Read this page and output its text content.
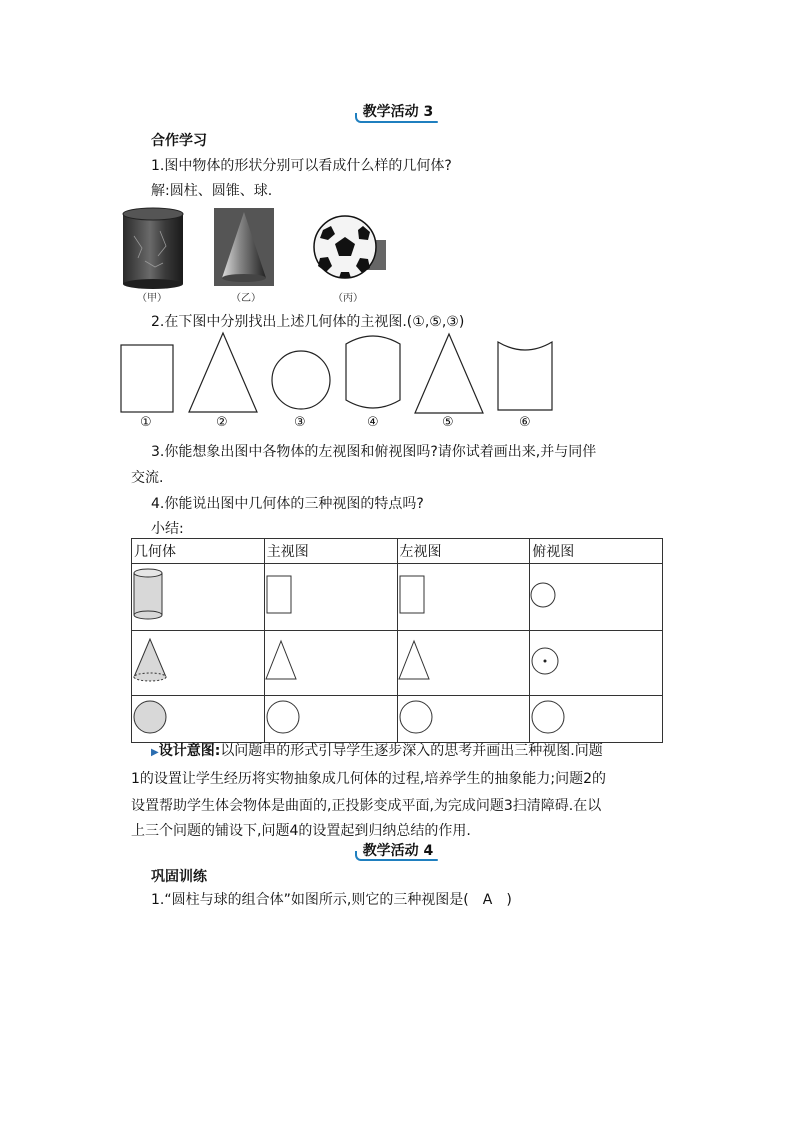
教学活动 3
合作学习
1.图中物体的形状分别可以看成什么样的几何体?
解:圆柱、圆锥、球.
（甲）	（乙）	（丙）
2.在下图中分别找出上述几何体的主视图.(①,⑤,③)
①	②	③	④	⑤	⑥
3.你能想象出图中各物体的左视图和俯视图吗?请你试着画出来,并与同伴
交流.
4.你能说出图中几何体的三种视图的特点吗?
小结:
几何体	主视图	左视图	俯视图

▶设计意图:以问题串的形式引导学生逐步深入的思考并画出三种视图.问题
1的设置让学生经历将实物抽象成几何体的过程,培养学生的抽象能力;问题2的
设置帮助学生体会物体是曲面的,正投影变成平面,为完成问题3扫清障碍.在以
上三个问题的铺设下,问题4的设置起到归纳总结的作用.
教学活动 4
巩固训练
1.“圆柱与球的组合体”如图所示,则它的三种视图是(　A　)
